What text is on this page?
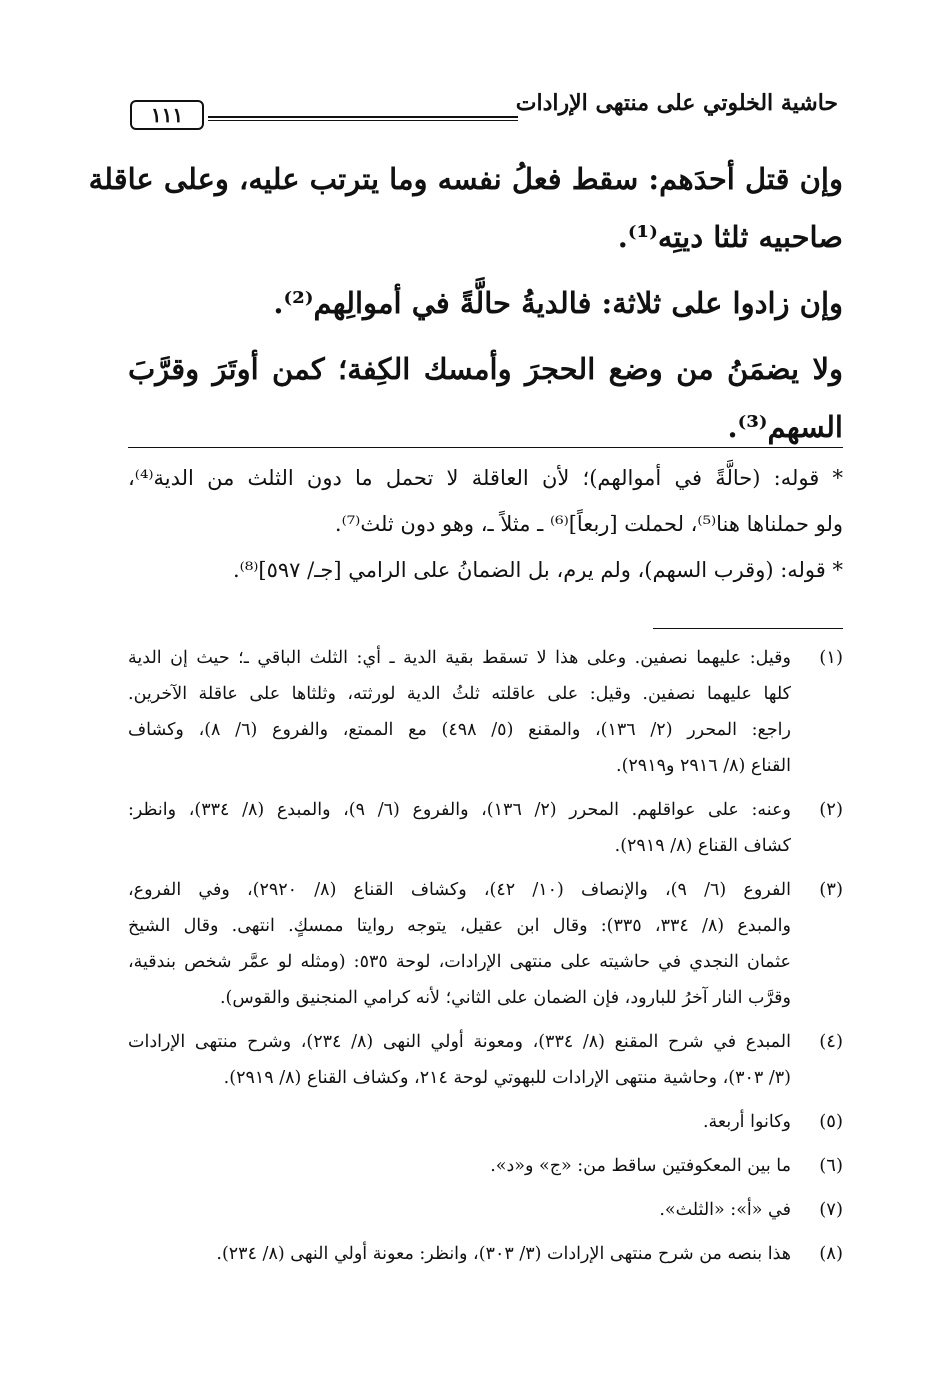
حاشية الخلوتي على منتهى الإرادات
١١١
وإن قتل أحدَهم: سقط فعلُ نفسه وما يترتب عليه، وعلى عاقلة
صاحبيه ثلثا ديتِه⁽¹⁾.
وإن زادوا على ثلاثة: فالديةُ حالَّةً في أموالِهم⁽²⁾.
ولا يضمَنُ من وضع الحجرَ وأمسك الكِفة؛ كمن أوتَرَ وقرَّبَ
السهم⁽³⁾.
* قوله: (حالَّةً في أموالهم)؛ لأن العاقلة لا تحمل ما دون الثلث من الدية⁽⁴⁾،
ولو حملناها هنا⁽⁵⁾، لحملت [ربعاً]⁽⁶⁾ ـ مثلاً ـ، وهو دون ثلث⁽⁷⁾.
* قوله: (وقرب السهم)، ولم يرم، بل الضمانُ على الرامي [جـ/ ٥٩٧]⁽⁸⁾.
(١)
وقيل: عليهما نصفين. وعلى هذا لا تسقط بقية الدية ـ أي: الثلث الباقي ـ؛ حيث إن الدية
كلها عليهما نصفين. وقيل: على عاقلته ثلثُ الدية لورثته، وثلثاها على عاقلة الآخرين.
راجع: المحرر (٢/ ١٣٦)، والمقنع (٥/ ٤٩٨) مع الممتع، والفروع (٦/ ٨)، وكشاف
القناع (٨/ ٢٩١٦ و٢٩١٩).
(٢)
وعنه: على عواقلهم. المحرر (٢/ ١٣٦)، والفروع (٦/ ٩)، والمبدع (٨/ ٣٣٤)، وانظر:
كشاف القناع (٨/ ٢٩١٩).
(٣)
الفروع (٦/ ٩)، والإنصاف (١٠/ ٤٢)، وكشاف القناع (٨/ ٢٩٢٠)، وفي الفروع،
والمبدع (٨/ ٣٣٤، ٣٣٥): وقال ابن عقيل، يتوجه روايتا ممسكٍ. انتهى. وقال الشيخ
عثمان النجدي في حاشيته على منتهى الإرادات، لوحة ٥٣٥: (ومثله لو عمَّر شخص بندقية،
وقرَّب النار آخرُ للبارود، فإن الضمان على الثاني؛ لأنه كرامي المنجنيق والقوس).
(٤)
المبدع في شرح المقنع (٨/ ٣٣٤)، ومعونة أولي النهى (٨/ ٢٣٤)، وشرح منتهى الإرادات
(٣/ ٣٠٣)، وحاشية منتهى الإرادات للبهوتي لوحة ٢١٤، وكشاف القناع (٨/ ٢٩١٩).
(٥)
وكانوا أربعة.
(٦)
ما بين المعكوفتين ساقط من: «ج» و«د».
(٧)
في «أ»: «الثلث».
(٨)
هذا بنصه من شرح منتهى الإرادات (٣/ ٣٠٣)، وانظر: معونة أولي النهى (٨/ ٢٣٤).
